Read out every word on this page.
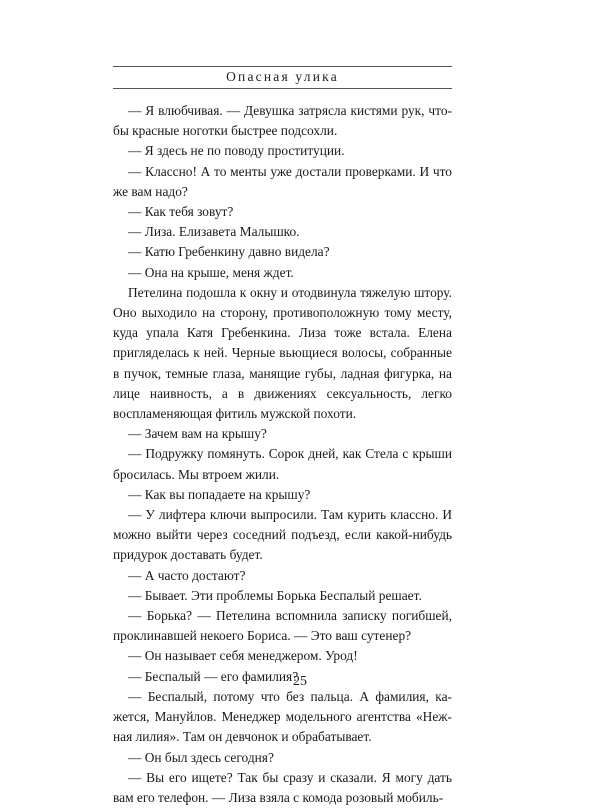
Опасная улика

— Я влюбчивая. — Девушка затрясла кистями рук, чтобы красные ноготки быстрее подсохли.

— Я здесь не по поводу проституции.

— Классно! А то менты уже достали проверками. И что же вам надо?

— Как тебя зовут?

— Лиза. Елизавета Малышко.

— Катю Гребенкину давно видела?

— Она на крыше, меня ждет.

Петелина подошла к окну и отодвинула тяжелую штору. Оно выходило на сторону, противоположную тому месту, куда упала Катя Гребенкина. Лиза тоже встала. Елена пригляделась к ней. Черные вьющиеся волосы, собранные в пучок, темные глаза, манящие губы, ладная фигурка, на лице наивность, а в движениях сексуальность, легко воспламеняющая фитиль мужской похоти.

— Зачем вам на крышу?

— Подружку помянуть. Сорок дней, как Стела с крыши бросилась. Мы втроем жили.

— Как вы попадаете на крышу?

— У лифтера ключи выпросили. Там курить классно. И можно выйти через соседний подъезд, если какой-нибудь придурок доставать будет.

— А часто достают?

— Бывает. Эти проблемы Борька Беспалый решает.

— Борька? — Петелина вспомнила записку погибшей, проклинавшей некоего Бориса. — Это ваш сутенер?

— Он называет себя менеджером. Урод!

— Беспалый — его фамилия?

— Беспалый, потому что без пальца. А фамилия, кажется, Мануйлов. Менеджер модельного агентства «Нежная лилия». Там он девчонок и обрабатывает.

— Он был здесь сегодня?

— Вы его ищете? Так бы сразу и сказали. Я могу дать вам его телефон. — Лиза взяла с комода розовый мобиль-

25
